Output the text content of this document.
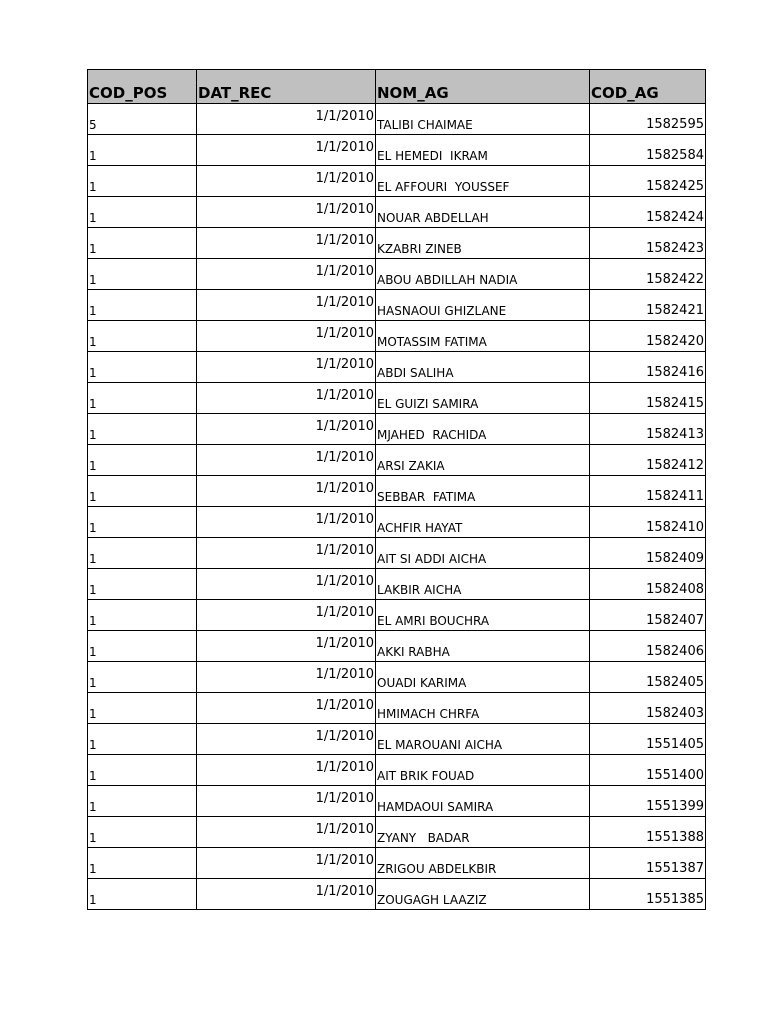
COD_POS	DAT_REC	NOM_AG	COD_AG
5	1/1/2010	TALIBI CHAIMAE	1582595
1	1/1/2010	EL HEMEDI  IKRAM	1582584
1	1/1/2010	EL AFFOURI  YOUSSEF	1582425
1	1/1/2010	NOUAR ABDELLAH	1582424
1	1/1/2010	KZABRI ZINEB	1582423
1	1/1/2010	ABOU ABDILLAH NADIA	1582422
1	1/1/2010	HASNAOUI GHIZLANE	1582421
1	1/1/2010	MOTASSIM FATIMA	1582420
1	1/1/2010	ABDI SALIHA	1582416
1	1/1/2010	EL GUIZI SAMIRA	1582415
1	1/1/2010	MJAHED  RACHIDA	1582413
1	1/1/2010	ARSI ZAKIA	1582412
1	1/1/2010	SEBBAR  FATIMA	1582411
1	1/1/2010	ACHFIR HAYAT	1582410
1	1/1/2010	AIT SI ADDI AICHA	1582409
1	1/1/2010	LAKBIR AICHA	1582408
1	1/1/2010	EL AMRI BOUCHRA	1582407
1	1/1/2010	AKKI RABHA	1582406
1	1/1/2010	OUADI KARIMA	1582405
1	1/1/2010	HMIMACH CHRFA	1582403
1	1/1/2010	EL MAROUANI AICHA	1551405
1	1/1/2010	AIT BRIK FOUAD	1551400
1	1/1/2010	HAMDAOUI SAMIRA	1551399
1	1/1/2010	ZYANY   BADAR	1551388
1	1/1/2010	ZRIGOU ABDELKBIR	1551387
1	1/1/2010	ZOUGAGH LAAZIZ	1551385
